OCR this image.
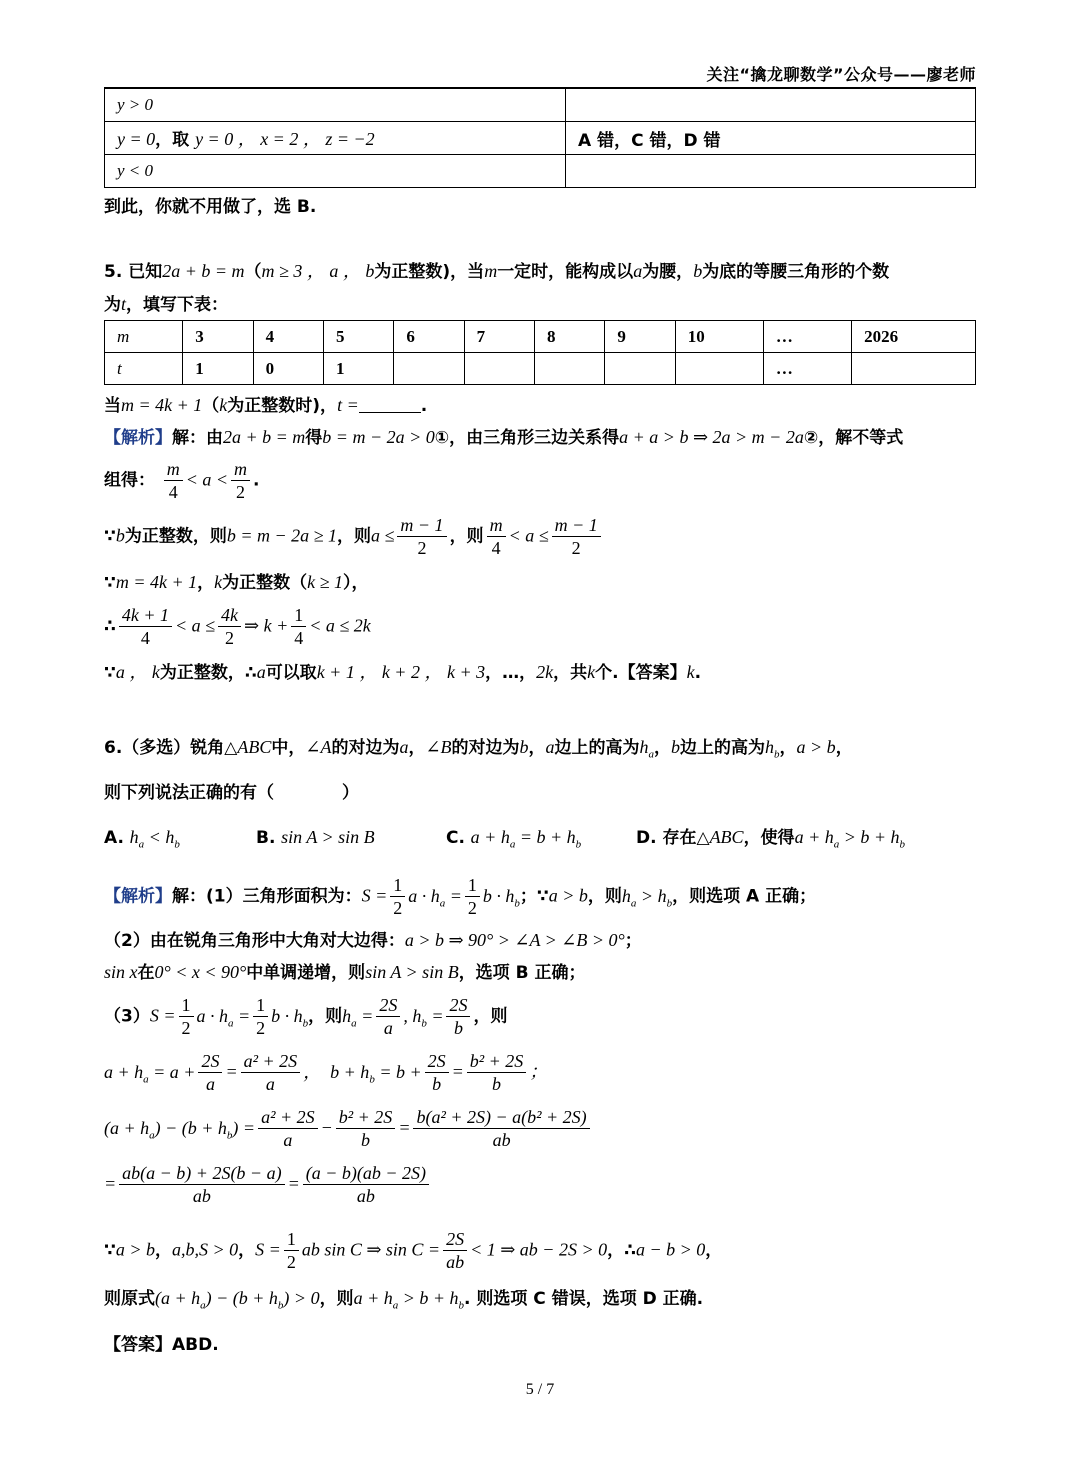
关注“擒龙聊数学”公众号——廖老师
y > 0	
y = 0，取 y = 0 ， x = 2 ， z = −2	A 错，C 错，D 错
y < 0	
到此，你就不用做了，选 B.
5. 已知2a + b = m（m ≥ 3 ， a ， b为正整数)，当m一定时，能构成以a为腰，b为底的等腰三角形的个数
为t，填写下表：
m	3	4	5	6	7	8	9	10	…	2026
t	1	0	1						…	
当m = 4k + 1（k为正整数时)，t =	.
【解析】解：由2a + b = m得b = m − 2a > 0①，由三角形三边关系得a + a > b ⇒ 2a > m − 2a②，解不等式
组得： $\frac{m}{4} < a < \frac{m}{2}$ .
∵b为正整数，则b = m − 2a ≥ 1，则$a \le \frac{m - 1}{2}$ ，则 $\frac{m}{4} < a \le \frac{m - 1}{2}$
∵m = 4k + 1，k为正整数（k ≥ 1），
∴ $\frac{4k + 1}{4} < a \le \frac{4k}{2}$ ⇒ $k + \frac{1}{4} < a \le 2k$
∵a ， k为正整数，∴a可以取k + 1 ， k + 2 ， k + 3，…，2k，共k个.【答案】k.
6.（多选）锐角△ABC中，∠A的对边为a，∠B的对边为b，a边上的高为$h_a$，b边上的高为$h_b$，a > b，
则下列说法正确的有（　　　　）
A. $h_a < h_b$	B. sin A > sin B	C. $a + h_a = b + h_b$	D. 存在△ABC，使得$a + h_a > b + h_b$
【解析】解：(1）三角形面积为：$S = \frac{1}{2}$ $a \cdot h_a = \frac{1}{2}$ $b \cdot h_b$；∵a > b，则$h_a > h_b$，则选项 A 正确；
（2）由在锐角三角形中大角对大边得：a > b ⇒ 90° > ∠A > ∠B > 0°；
sin x在0° < x < 90°中单调递增，则sin A > sin B，选项 B 正确；
$(3)S = \frac{1}{2}$ $a \cdot h_a = \frac{1}{2}$ $b \cdot h_b$，则$h_a = \frac{2S}{a}$ , $h_b = \frac{2S}{b}$ ，则
$a + h_a = a + \frac{2S}{a} = \frac{\text{a² + 2S}}{a}$ ，  $b + h_b = b + \frac{2S}{b} = \frac{\text{b² + 2S}}{b}$ ；
$(a + h_a) - (b + h_b) = \frac{\text{a² + 2S}}{a} - \frac{\text{b² + 2S}}{b} = \frac{\text{b(a² + 2S) − a(b² + 2S)}}{ab}$
= $\frac{ab(a - b) + 2S(b - a)}{ab} = \frac{(a - b)(ab - 2S)}{ab}$
∵a > b，a,b,S > 0，$S = \frac{1}{2}$ ab sin C ⇒ $\sin C = \frac{2S}{ab} < 1$ ⇒ ab − 2S > 0，∴a − b > 0，
则原式$(a + h_a) - (b + h_b) > 0$，则$a + h_a > b + h_b$. 则选项 C 错误，选项 D 正确.
【答案】ABD.
5 / 7
